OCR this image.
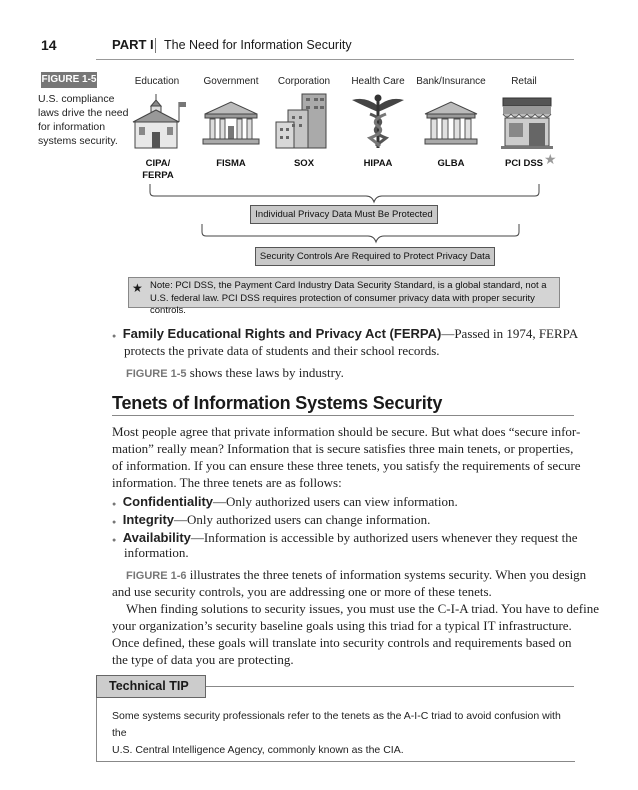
14	PART I The Need for Information Security
FIGURE 1-5
U.S. compliance laws drive the need for information systems security.
Education	Government	Corporation	Health Care	Bank/Insurance	Retail
CIPA/
FERPA
FISMA	SOX	HIPAA	GLBA	PCI DSS ★
Individual Privacy Data Must Be Protected
Security Controls Are Required to Protect Privacy Data
★ Note: PCI DSS, the Payment Card Industry Data Security Standard, is a global standard, not a U.S. federal law. PCI DSS requires protection of consumer privacy data with proper security controls.
● Family Educational Rights and Privacy Act (FERPA)—Passed in 1974, FERPA
protects the private data of students and their school records.
FIGURE 1-5 shows these laws by industry.
Tenets of Information Systems Security
Most people agree that private information should be secure. But what does “secure infor-
mation” really mean? Information that is secure satisfies three main tenets, or properties,
of information. If you can ensure these three tenets, you satisfy the requirements of secure
information. The three tenets are as follows:
● Confidentiality—Only authorized users can view information.
● Integrity—Only authorized users can change information.
● Availability—Information is accessible by authorized users whenever they request the
information.
FIGURE 1-6 illustrates the three tenets of information systems security. When you design
and use security controls, you are addressing one or more of these tenets.
When finding solutions to security issues, you must use the C-I-A triad. You have to define
your organization’s security baseline goals using this triad for a typical IT infrastructure.
Once defined, these goals will translate into security controls and requirements based on
the type of data you are protecting.
Technical TIP
Some systems security professionals refer to the tenets as the A-I-C triad to avoid confusion with the
U.S. Central Intelligence Agency, commonly known as the CIA.
